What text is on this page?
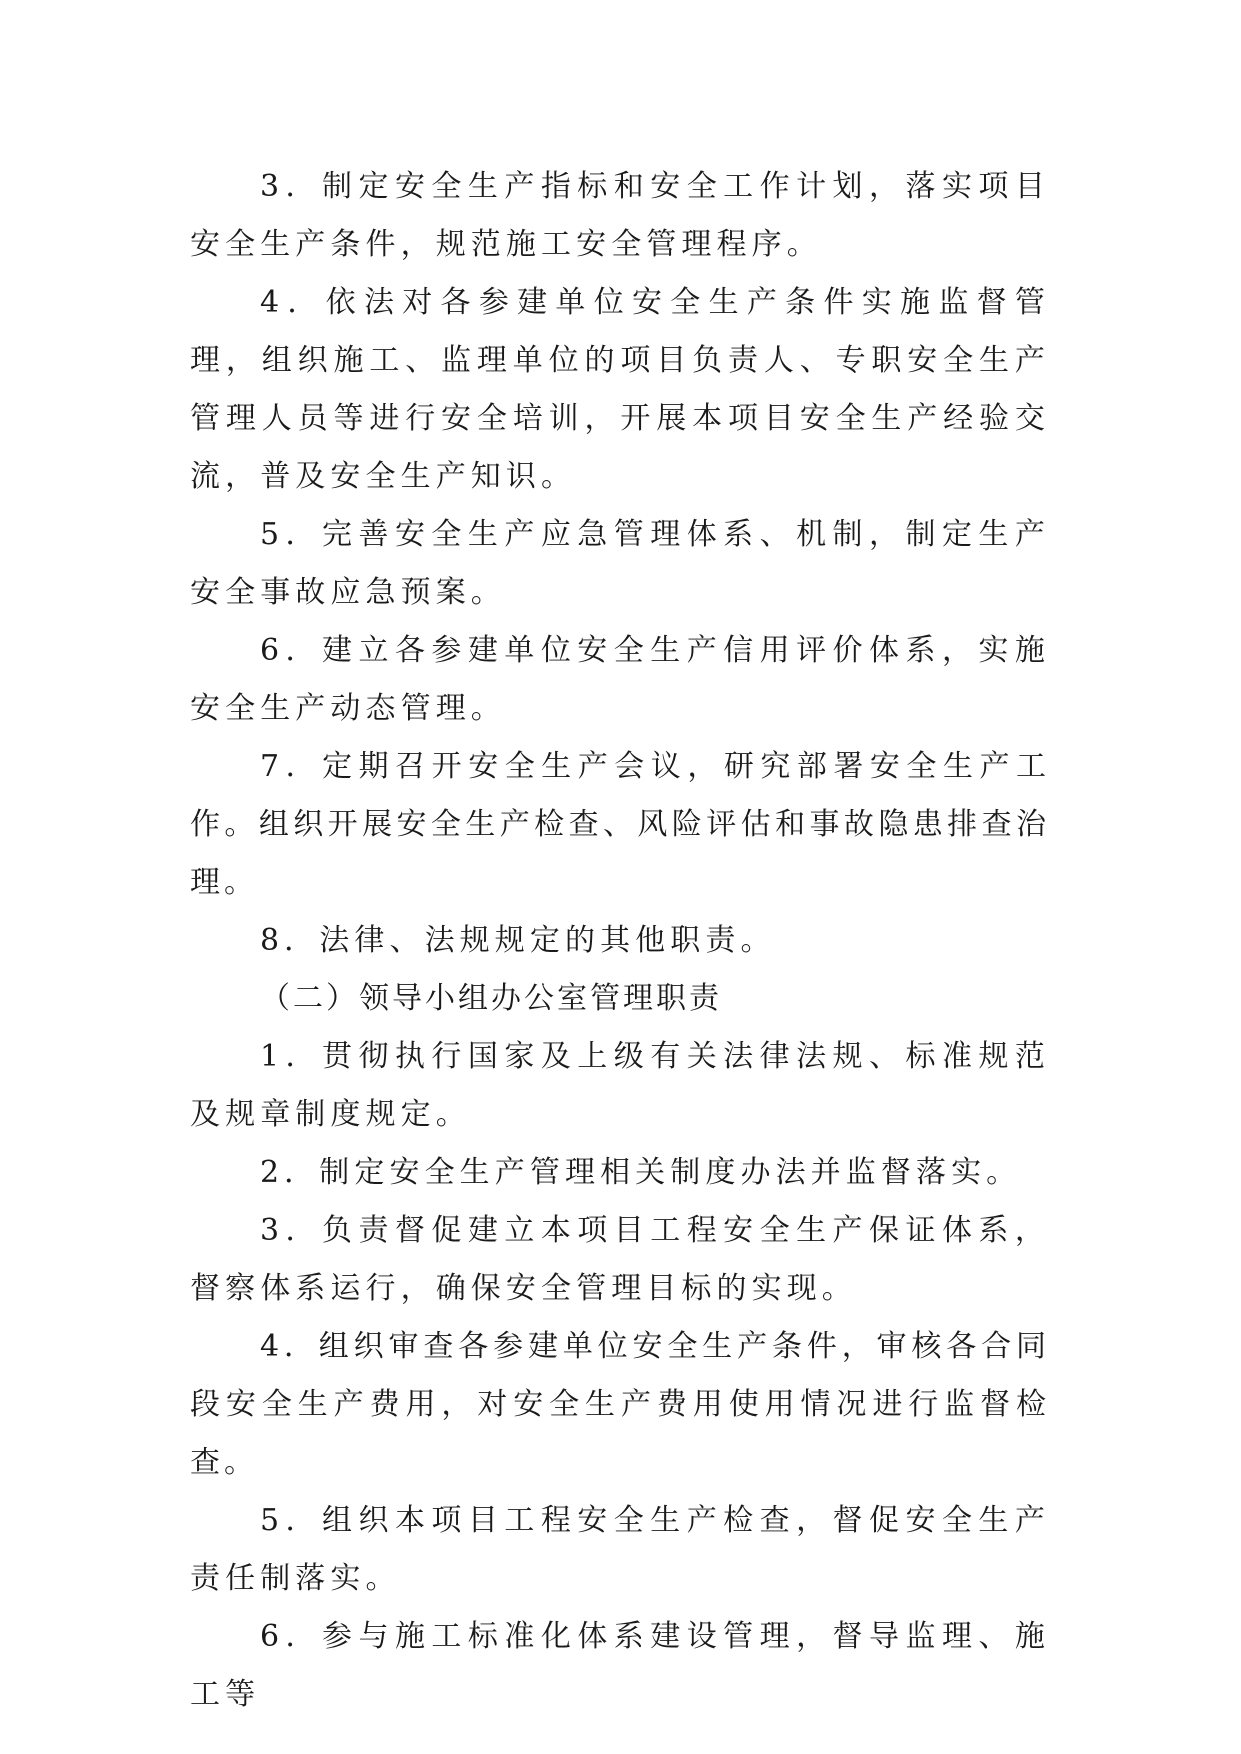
3．制定安全生产指标和安全工作计划，落实项目安全生产条件，规范施工安全管理程序。

4．依法对各参建单位安全生产条件实施监督管理，组织施工、监理单位的项目负责人、专职安全生产管理人员等进行安全培训，开展本项目安全生产经验交流，普及安全生产知识。

5．完善安全生产应急管理体系、机制，制定生产安全事故应急预案。

6．建立各参建单位安全生产信用评价体系，实施安全生产动态管理。

7．定期召开安全生产会议，研究部署安全生产工作。组织开展安全生产检查、风险评估和事故隐患排查治理。

8．法律、法规规定的其他职责。

（二）领导小组办公室管理职责

1．贯彻执行国家及上级有关法律法规、标准规范及规章制度规定。

2．制定安全生产管理相关制度办法并监督落实。

3．负责督促建立本项目工程安全生产保证体系，督察体系运行，确保安全管理目标的实现。

4．组织审查各参建单位安全生产条件，审核各合同段安全生产费用，对安全生产费用使用情况进行监督检查。

5．组织本项目工程安全生产检查，督促安全生产责任制落实。

6．参与施工标准化体系建设管理，督导监理、施工等
